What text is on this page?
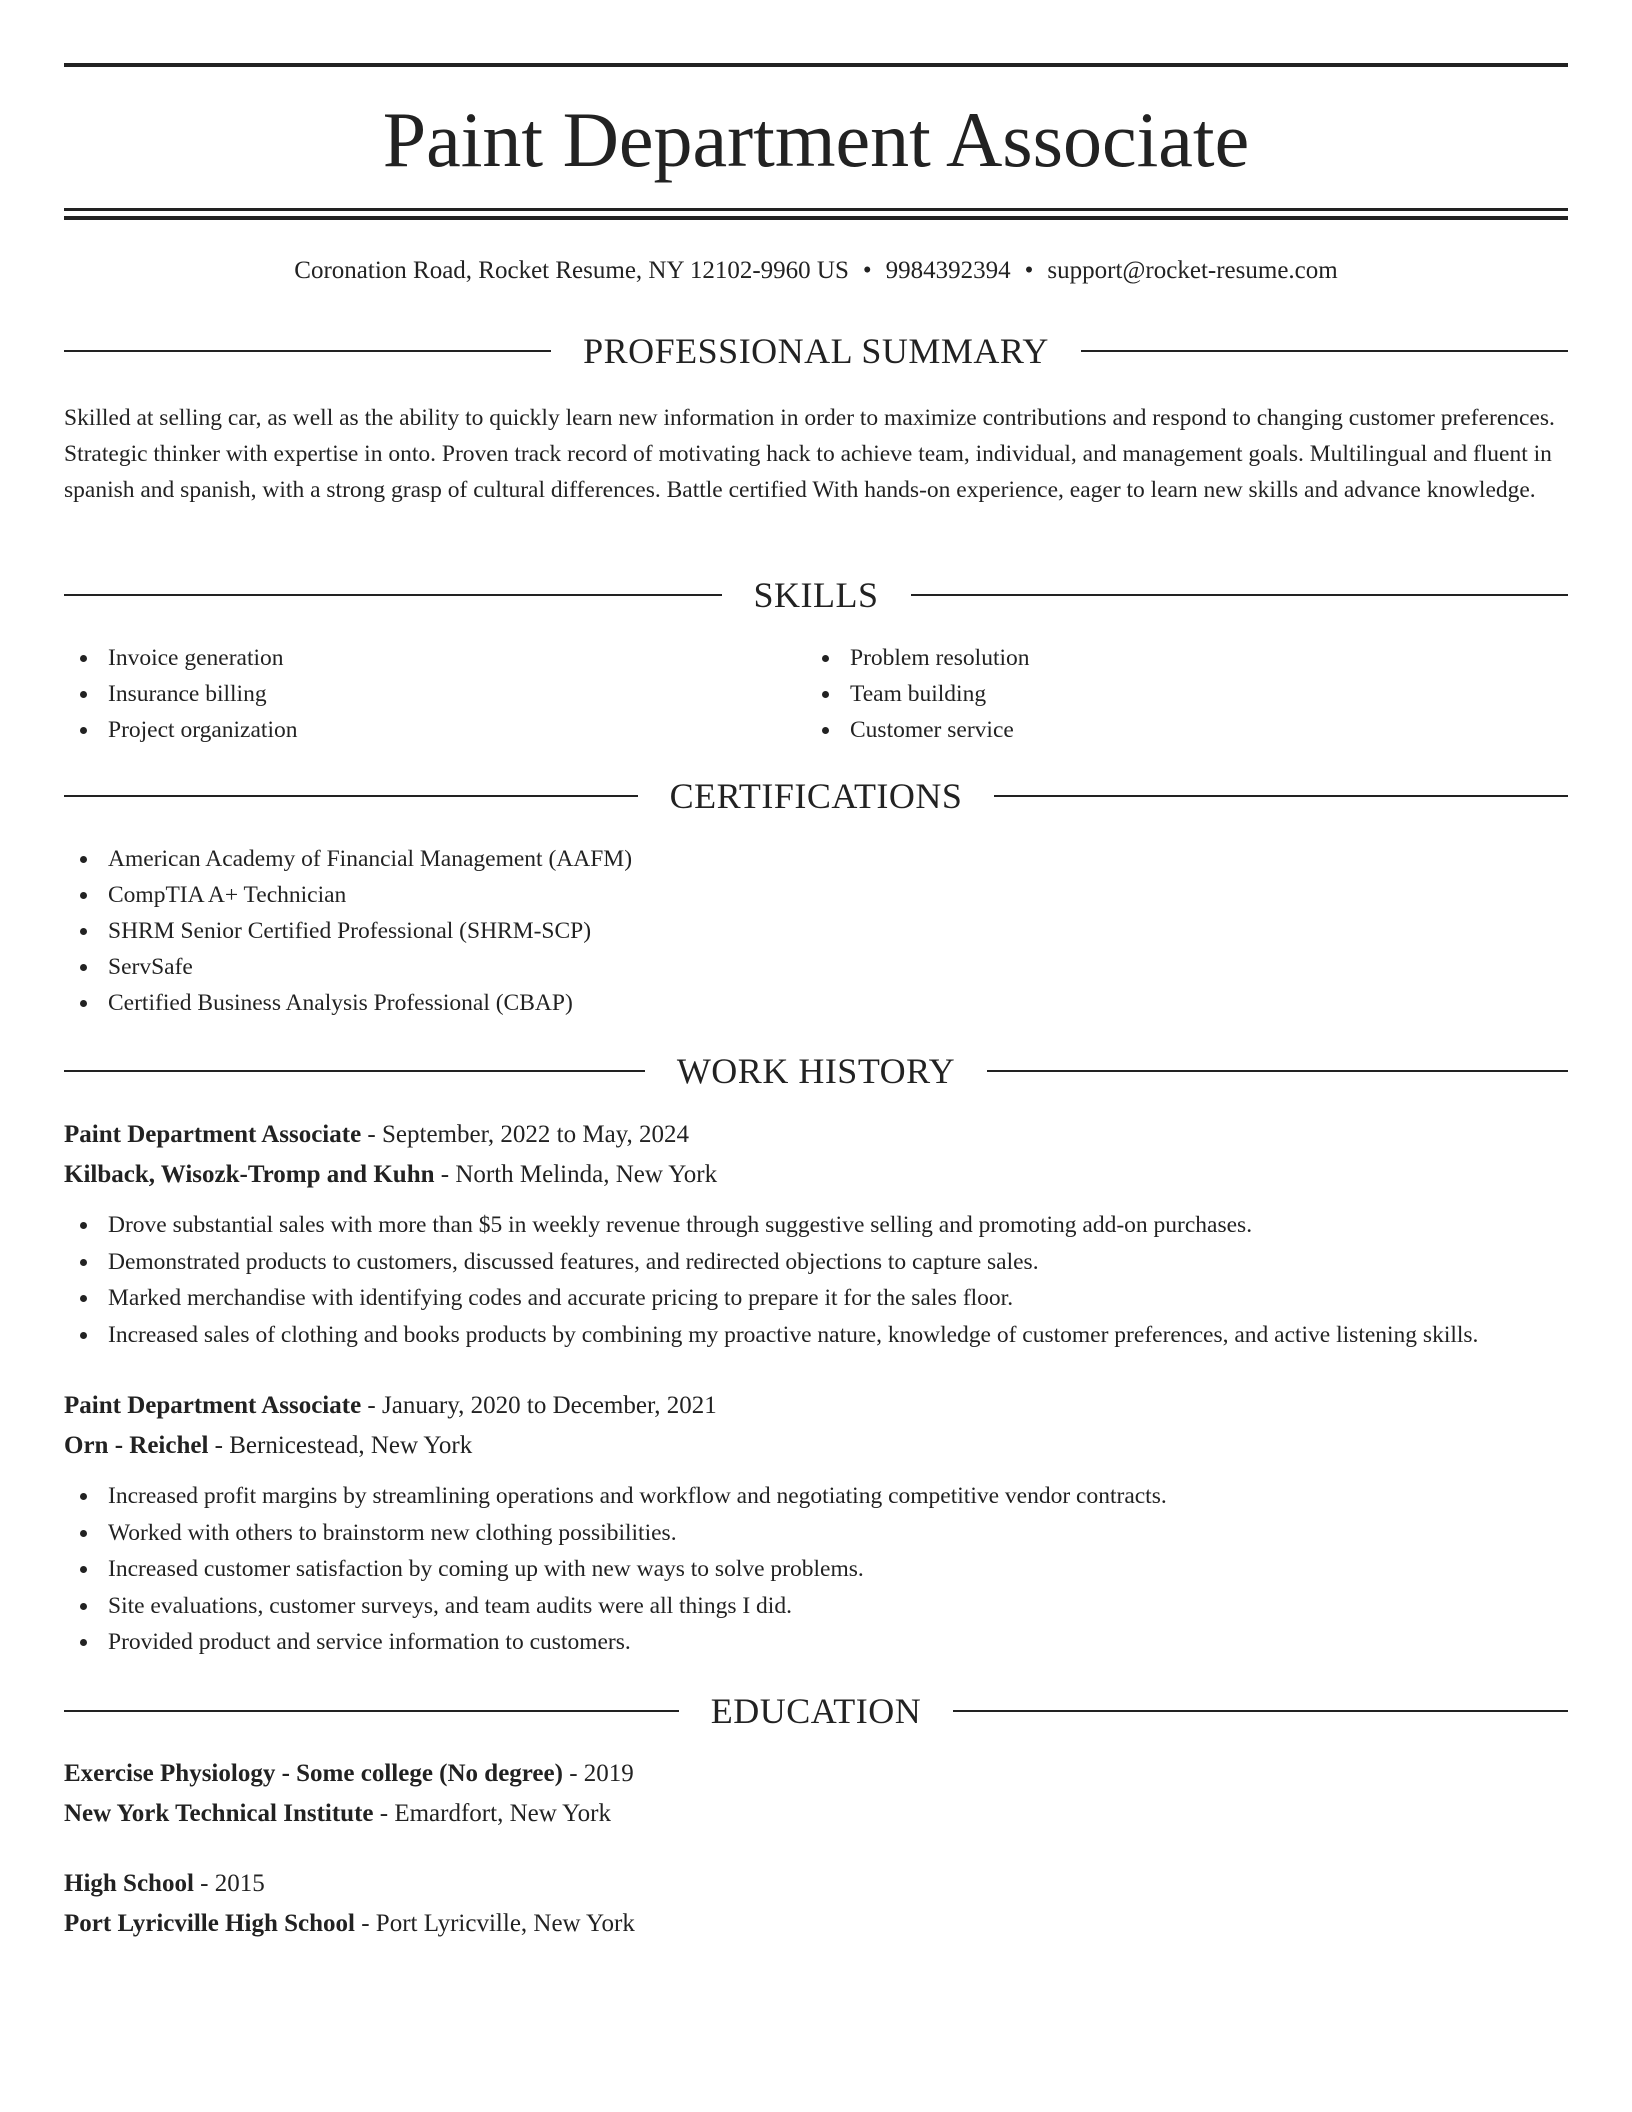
Paint Department Associate
Coronation Road, Rocket Resume, NY 12102-9960 US • 9984392394 • support@rocket-resume.com
PROFESSIONAL SUMMARY

Skilled at selling car, as well as the ability to quickly learn new information in order to maximize contributions and respond to changing customer preferences. Strategic thinker with expertise in onto. Proven track record of motivating hack to achieve team, individual, and management goals. Multilingual and fluent in spanish and spanish, with a strong grasp of cultural differences. Battle certified With hands-on experience, eager to learn new skills and advance knowledge.

SKILLS
Invoice generation
Insurance billing
Project organization
Problem resolution
Team building
Customer service
CERTIFICATIONS
American Academy of Financial Management (AAFM)
CompTIA A+ Technician
SHRM Senior Certified Professional (SHRM-SCP)
ServSafe
Certified Business Analysis Professional (CBAP)
WORK HISTORY
Paint Department Associate - September, 2022 to May, 2024
Kilback, Wisozk-Tromp and Kuhn - North Melinda, New York
Drove substantial sales with more than $5 in weekly revenue through suggestive selling and promoting add-on purchases.
Demonstrated products to customers, discussed features, and redirected objections to capture sales.
Marked merchandise with identifying codes and accurate pricing to prepare it for the sales floor.
Increased sales of clothing and books products by combining my proactive nature, knowledge of customer preferences, and active listening skills.
Paint Department Associate - January, 2020 to December, 2021
Orn - Reichel - Bernicestead, New York
Increased profit margins by streamlining operations and workflow and negotiating competitive vendor contracts.
Worked with others to brainstorm new clothing possibilities.
Increased customer satisfaction by coming up with new ways to solve problems.
Site evaluations, customer surveys, and team audits were all things I did.
Provided product and service information to customers.
EDUCATION
Exercise Physiology - Some college (No degree) - 2019
New York Technical Institute - Emardfort, New York
High School - 2015
Port Lyricville High School - Port Lyricville, New York
